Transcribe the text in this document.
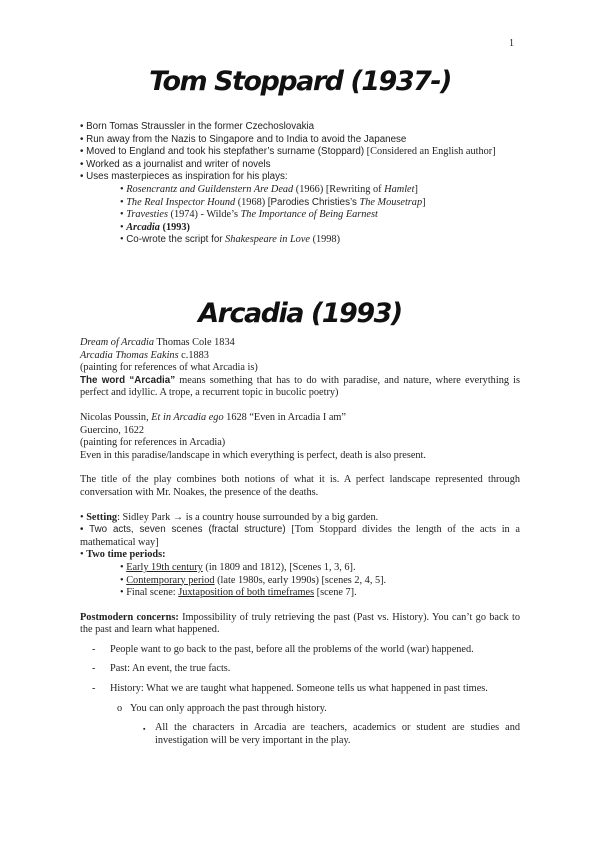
1
Tom Stoppard (1937-)
• Born Tomas Straussler in the former Czechoslovakia
• Run away from the Nazis to Singapore and to India to avoid the Japanese
• Moved to England and took his stepfather’s surname (Stoppard) [Considered an English author]
• Worked as a journalist and writer of novels
• Uses masterpieces as inspiration for his plays:
• Rosencrantz and Guildenstern Are Dead (1966) [Rewriting of Hamlet]
• The Real Inspector Hound (1968) [Parodies Christies’s The Mousetrap]
• Travesties (1974) - Wilde’s The Importance of Being Earnest
• Arcadia (1993)
• Co-wrote the script for Shakespeare in Love (1998)
Arcadia (1993)
Dream of Arcadia Thomas Cole 1834
Arcadia Thomas Eakins c.1883
(painting for references of what Arcadia is)
The word “Arcadia” means something that has to do with paradise, and nature, where everything is perfect and idyllic. A trope, a recurrent topic in bucolic poetry)
Nicolas Poussin, Et in Arcadia ego 1628 “Even in Arcadia I am”
Guercino, 1622
(painting for references in Arcadia)
Even in this paradise/landscape in which everything is perfect, death is also present.
The title of the play combines both notions of what it is. A perfect landscape represented through conversation with Mr. Noakes, the presence of the deaths.
• Setting: Sidley Park → is a country house surrounded by a big garden.
• Two acts, seven scenes (fractal structure) [Tom Stoppard divides the length of the acts in a mathematical way]
• Two time periods:
• Early 19th century (in 1809 and 1812), [Scenes 1, 3, 6].
• Contemporary period (late 1980s, early 1990s) [scenes 2, 4, 5].
• Final scene: Juxtaposition of both timeframes [scene 7].
Postmodern concerns: Impossibility of truly retrieving the past (Past vs. History). You can’t go back to the past and learn what happened.
- People want to go back to the past, before all the problems of the world (war) happened.
- Past: An event, the true facts.
- History: What we are taught what happened. Someone tells us what happened in past times.
o You can only approach the past through history.
▪ All the characters in Arcadia are teachers, academics or student are studies and investigation will be very important in the play.
